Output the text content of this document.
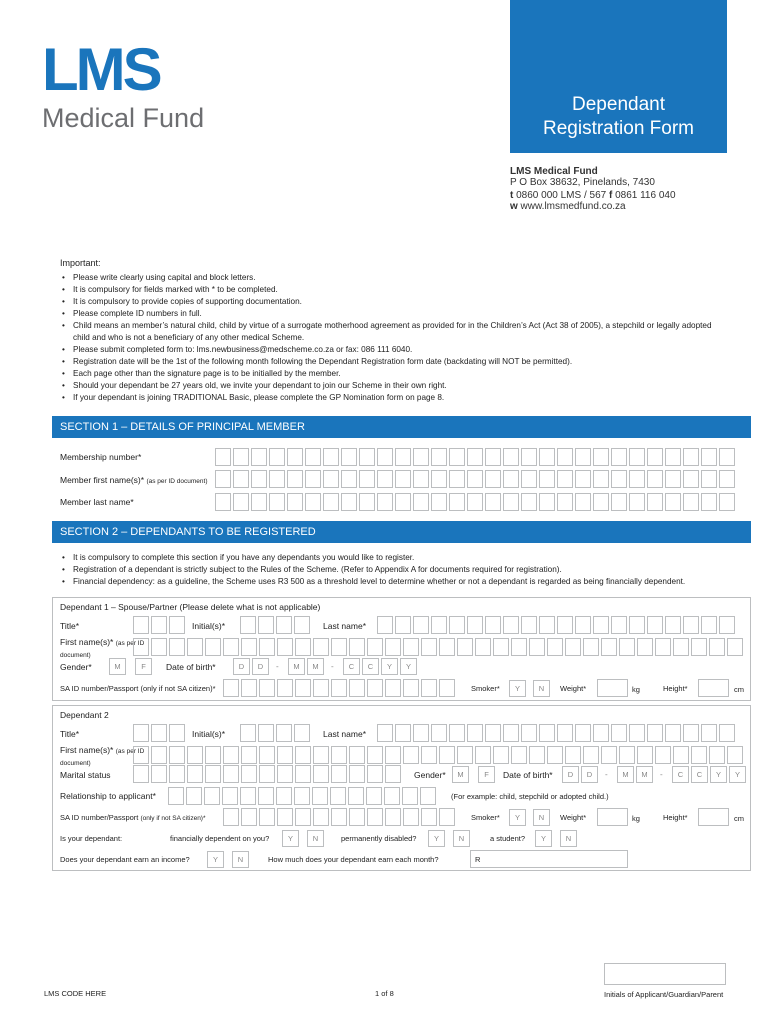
LMS
Medical Fund	Dependant
Registration Form
LMS Medical Fund
P O Box 38632, Pinelands, 7430
t 0860 000 LMS / 567 f 0861 116 040
w www.lmsmedfund.co.za
Important:
• Please write clearly using capital and block letters.
• It is compulsory for fields marked with * to be completed.
• It is compulsory to provide copies of supporting documentation.
• Please complete ID numbers in full.
• Child means an member’s natural child, child by virtue of a surrogate motherhood agreement as provided for in the Children’s Act (Act 38 of 2005), a stepchild or legally adopted child and who is not a beneficiary of any other medical Scheme.
• Please submit completed form to: lms.newbusiness@medscheme.co.za or fax: 086 111 6040.
• Registration date will be the 1st of the following month following the Dependant Registration form date (backdating will NOT be permitted).
• Each page other than the signature page is to be initialled by the member.
• Should your dependant be 27 years old, we invite your dependant to join our Scheme in their own right.
• If your dependant is joining TRADITIONAL Basic, please complete the GP Nomination form on page 8.
SECTION 1 – DETAILS OF PRINCIPAL MEMBER
Membership number*
Member first name(s)* (as per ID document)
Member last name*
SECTION 2 – DEPENDANTS TO BE REGISTERED
• It is compulsory to complete this section if you have any dependants you would like to register.
• Registration of a dependant is strictly subject to the Rules of the Scheme. (Refer to Appendix A for documents required for registration).
• Financial dependency: as a guideline, the Scheme uses R3 500 as a threshold level to determine whether or not a dependant is regarded as being financially dependent.
Dependant 1 – Spouse/Partner (Please delete what is not applicable)
Title*	Initial(s)*	Last name*
First name(s)* (as per ID
document)
Gender*	M	F	Date of birth*	D	D	-	M	M	-	C	C	Y	Y
SA ID number/Passport (only if not SA citizen)*	Smoker*	Y	N	Weight*	kg	Height*	cm
Dependant 2
Title*	Initial(s)*	Last name*
First name(s)* (as per ID
document)
Marital status	Gender*	M	F	Date of birth*	D	D	-	M	M	-	C	C	Y	Y
Relationship to applicant*	(For example: child, stepchild or adopted child.)
SA ID number/Passport (only if not SA citizen)*	Smoker*	Y	N	Weight*	kg	Height*	cm
Is your dependant:	financially dependent on you?	Y	N	permanently disabled?	Y	N	a student?	Y	N
Does your dependant earn an income?	Y	N	How much does your dependant earn each month?	R
LMS CODE HERE	1 of 8	Initials of Applicant/Guardian/Parent
